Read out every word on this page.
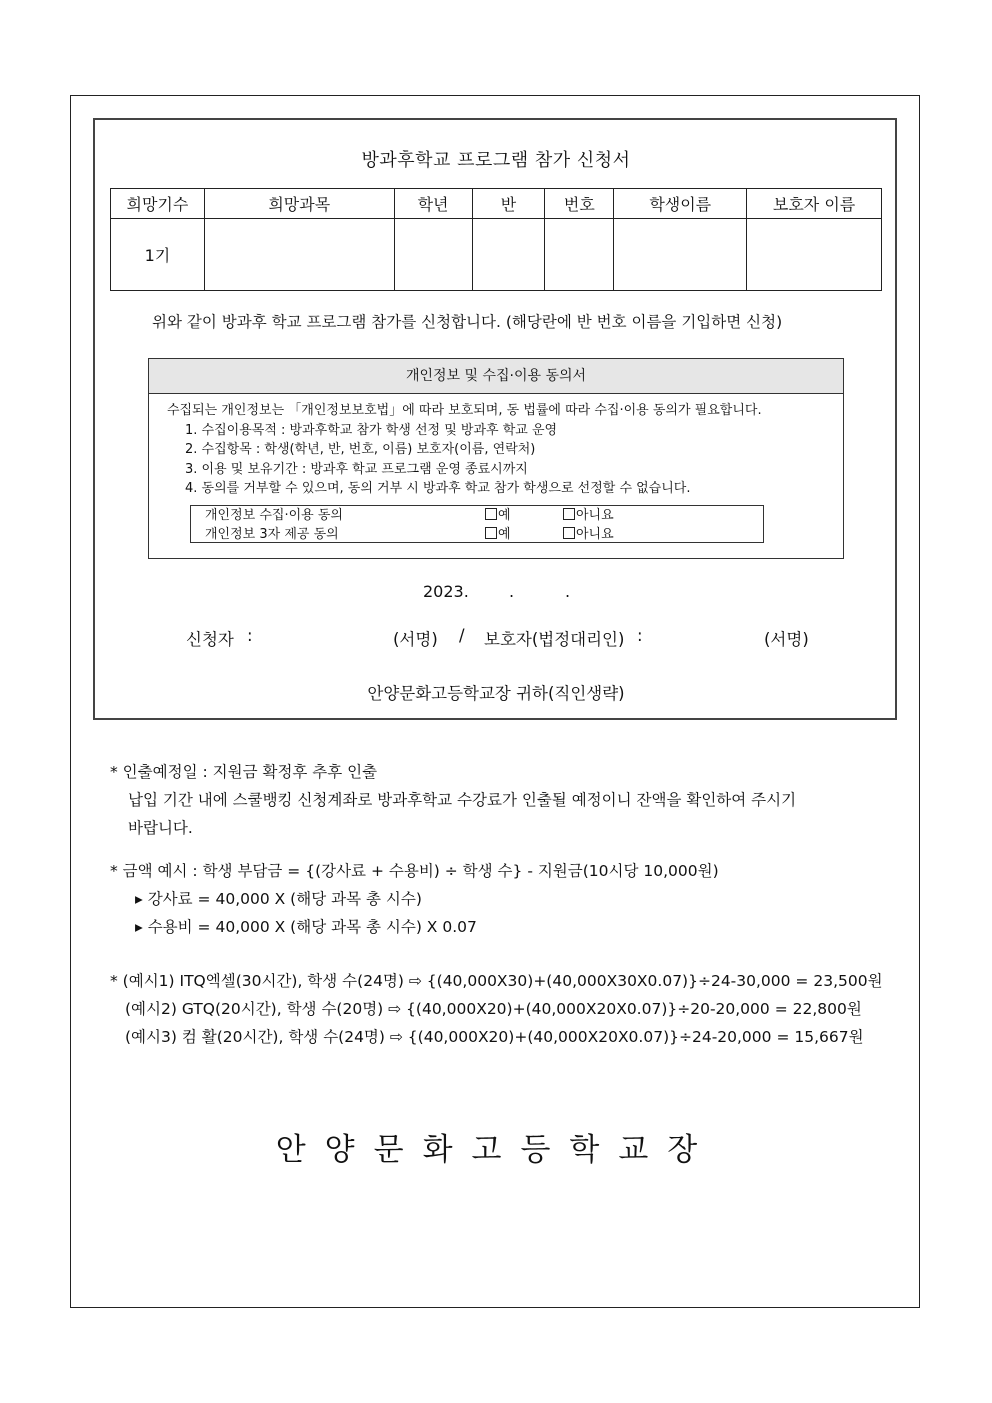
방과후학교 프로그램 참가 신청서
희망기수	희망과목	학년	반	번호	학생이름	보호자 이름
1기						
위와 같이 방과후 학교 프로그램 참가를 신청합니다. (해당란에 반 번호 이름을 기입하면 신청)
개인정보 및 수집·이용 동의서
수집되는 개인정보는 「개인정보보호법」에 따라 보호되며, 동 법률에 따라 수집·이용 동의가 필요합니다.
1. 수집이용목적 : 방과후학교 참가 학생 선정 및 방과후 학교 운영
2. 수집항목 : 학생(학년, 반, 번호, 이름) 보호자(이름, 연락처)
3. 이용 및 보유기간 : 방과후 학교 프로그램 운영 종료시까지
4. 동의를 거부할 수 있으며, 동의 거부 시 방과후 학교 참가 학생으로 선정할 수 없습니다.
개인정보 수집·이용 동의	예	아니요
개인정보 3자 제공 동의	예	아니요
2023.	.	.
신청자 :	(서명) / 보호자(법정대리인) :	(서명)
안양문화고등학교장 귀하(직인생략)
* 인출예정일 : 지원금 확정후 추후 인출
납입 기간 내에 스쿨뱅킹 신청계좌로 방과후학교 수강료가 인출될 예정이니 잔액을 확인하여 주시기
바랍니다.
* 금액 예시 : 학생 부담금 = {(강사료 + 수용비) ÷ 학생 수} - 지원금(10시당 10,000원)
▸ 강사료 = 40,000 X (해당 과목 총 시수)
▸ 수용비 = 40,000 X (해당 과목 총 시수) X 0.07
* (예시1) ITQ엑셀(30시간), 학생 수(24명) ⇨ {(40,000X30)+(40,000X30X0.07)}÷24-30,000 = 23,500원
(예시2) GTQ(20시간), 학생 수(20명) ⇨ {(40,000X20)+(40,000X20X0.07)}÷20-20,000 = 22,800원
(예시3) 컴 활(20시간), 학생 수(24명) ⇨ {(40,000X20)+(40,000X20X0.07)}÷24-20,000 = 15,667원
안양문화고등학교장
